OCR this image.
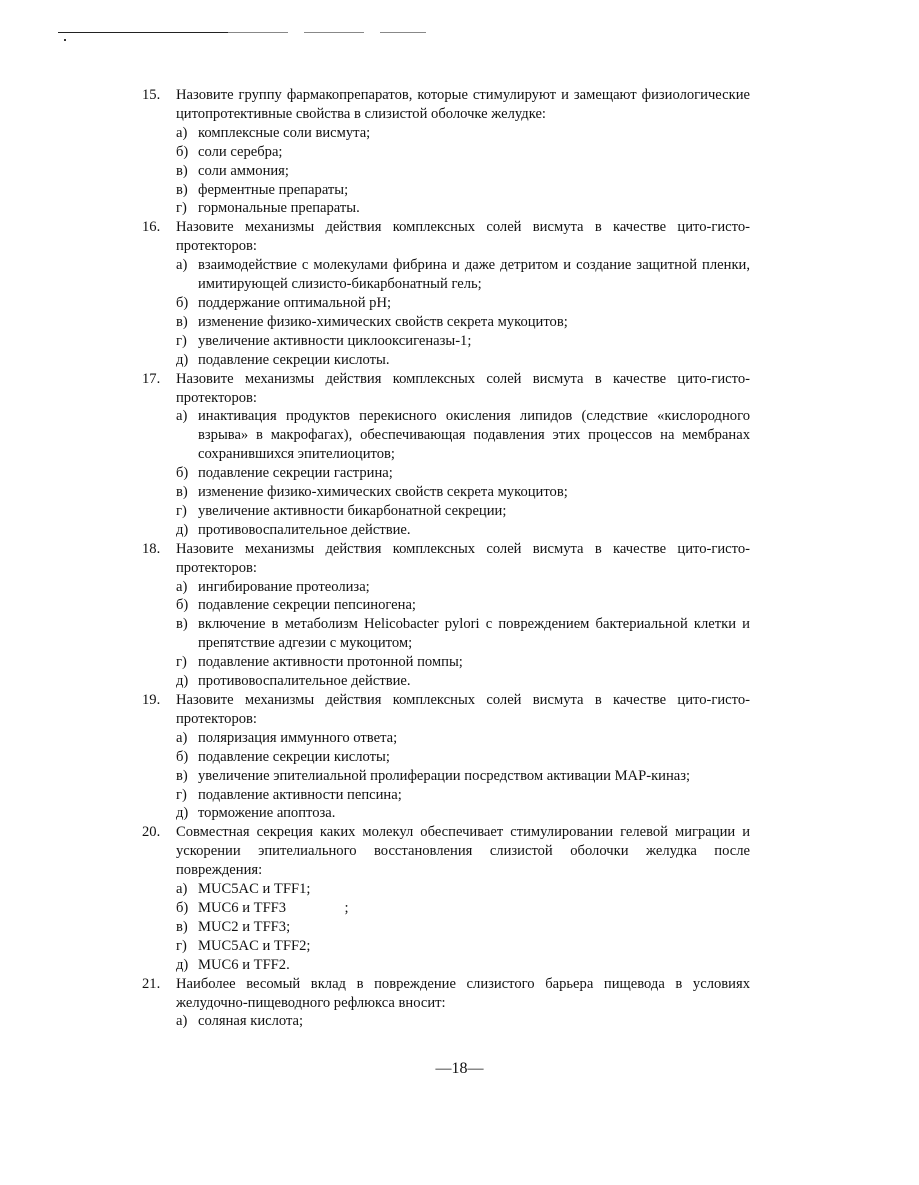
15. Назовите группу фармакопрепаратов, которые стимулируют и замещают физиологические цитопротективные свойства в слизистой оболочке желудке:
а) комплексные соли висмута;
б) соли серебра;
в) соли аммония;
в) ферментные препараты;
г) гормональные препараты.
16. Назовите механизмы действия комплексных солей висмута в качестве цито-гисто-протекторов:
а) взаимодействие с молекулами фибрина и даже детритом и создание защитной пленки, имитирующей слизисто-бикарбонатный гель;
б) поддержание оптимальной pH;
в) изменение физико-химических свойств секрета мукоцитов;
г) увеличение активности циклооксигеназы-1;
д) подавление секреции кислоты.
17. Назовите механизмы действия комплексных солей висмута в качестве цито-гисто-протекторов:
а) инактивация продуктов перекисного окисления липидов (следствие «кислородного взрыва» в макрофагах), обеспечивающая подавления этих процессов на мембранах сохранившихся эпителиоцитов;
б) подавление секреции гастрина;
в) изменение физико-химических свойств секрета мукоцитов;
г) увеличение активности бикарбонатной секреции;
д) противовоспалительное действие.
18. Назовите механизмы действия комплексных солей висмута в качестве цито-гисто-протекторов:
а) ингибирование протеолиза;
б) подавление секреции пепсиногена;
в) включение в метаболизм Helicobacter pylori с повреждением бактериальной клетки и препятствие адгезии с мукоцитом;
г) подавление активности протонной помпы;
д) противовоспалительное действие.
19. Назовите механизмы действия комплексных солей висмута в качестве цито-гисто-протекторов:
а) поляризация иммунного ответа;
б) подавление секреции кислоты;
в) увеличение эпителиальной пролиферации посредством активации МАР-киназ;
г) подавление активности пепсина;
д) торможение апоптоза.
20. Совместная секреция каких молекул обеспечивает стимулировании гелевой миграции и ускорении эпителиального восстановления слизистой оболочки желудка после повреждения:
а) MUC5AC и TFF1;
б) MUC6 и TFF3                ;
в) MUC2 и TFF3;
г) MUC5AC и TFF2;
д) MUC6 и TFF2.
21. Наиболее весомый вклад в повреждение слизистого барьера пищевода в условиях желудочно-пищеводного рефлюкса вносит:
а) соляная кислота;
—18—
